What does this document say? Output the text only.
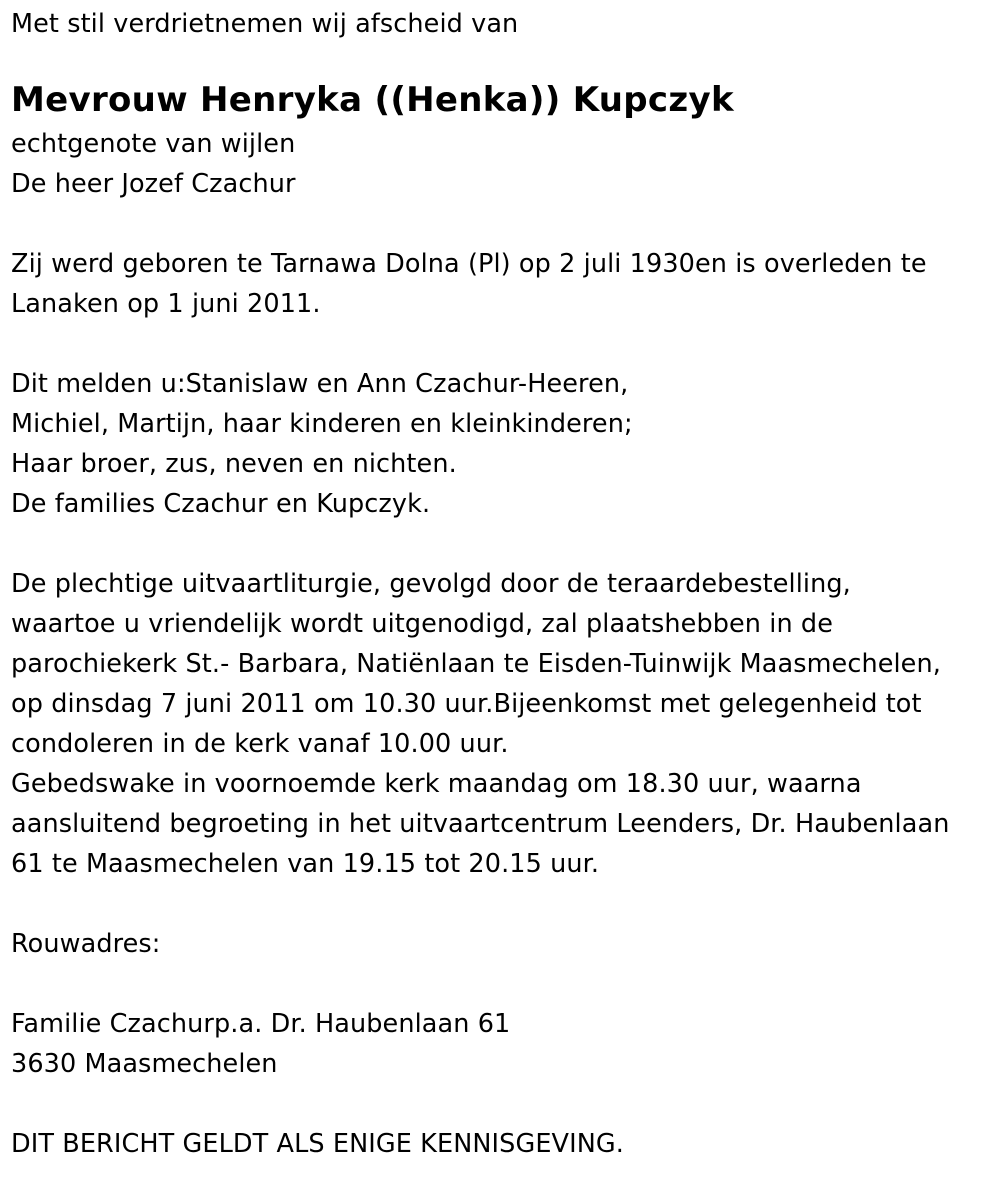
Met stil verdrietnemen wij afscheid van
Mevrouw Henryka ((Henka)) Kupczyk
echtgenote van wijlen
De heer Jozef Czachur
Zij werd geboren te Tarnawa Dolna (Pl) op 2 juli 1930en is overleden te
Lanaken op 1 juni 2011.
Dit melden u:Stanislaw en Ann Czachur-Heeren,
Michiel, Martijn, haar kinderen en kleinkinderen;
Haar broer, zus, neven en nichten.
De families Czachur en Kupczyk.
De plechtige uitvaartliturgie, gevolgd door de teraardebestelling,
waartoe u vriendelijk wordt uitgenodigd, zal plaatshebben in de
parochiekerk St.- Barbara, Natiënlaan te Eisden-Tuinwijk Maasmechelen,
op dinsdag 7 juni 2011 om 10.30 uur.Bijeenkomst met gelegenheid tot
condoleren in de kerk vanaf 10.00 uur.
Gebedswake in voornoemde kerk maandag om 18.30 uur, waarna
aansluitend begroeting in het uitvaartcentrum Leenders, Dr. Haubenlaan
61 te Maasmechelen van 19.15 tot 20.15 uur.
Rouwadres:
Familie Czachurp.a. Dr. Haubenlaan 61
3630 Maasmechelen
DIT BERICHT GELDT ALS ENIGE KENNISGEVING.
